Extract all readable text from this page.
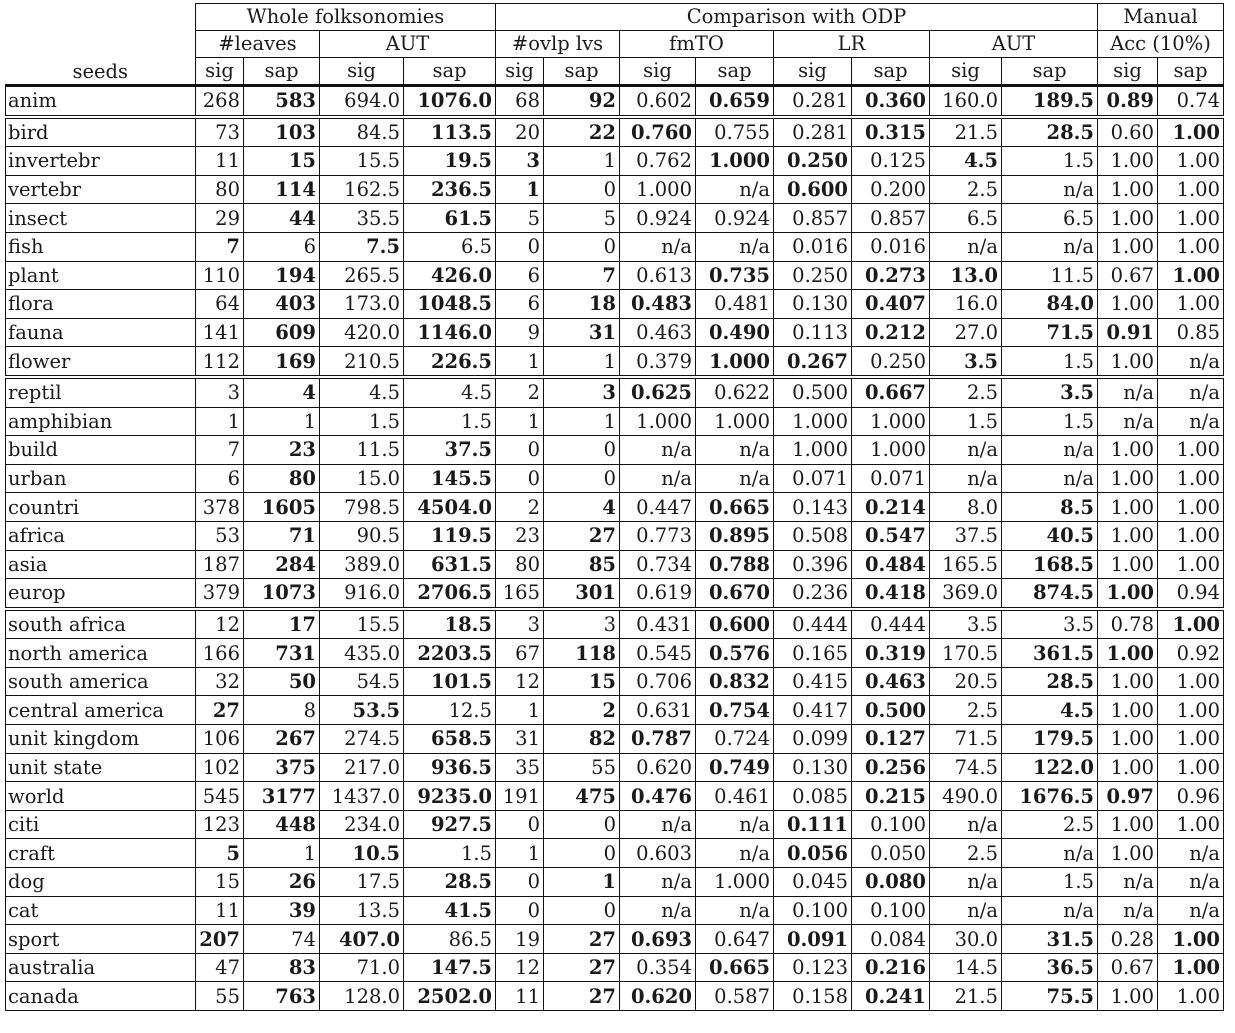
seeds	Whole folksonomies				Comparison with ODP								Manual	
	#leaves		AUT		#ovlp lvs		fmTO		LR		AUT		Acc (10%)	
	sig	sap	sig	sap	sig	sap	sig	sap	sig	sap	sig	sap	sig	sap
anim	268	583	694.0	1076.0	68	92	0.602	0.659	0.281	0.360	160.0	189.5	0.89	0.74
bird	73	103	84.5	113.5	20	22	0.760	0.755	0.281	0.315	21.5	28.5	0.60	1.00
invertebr	11	15	15.5	19.5	3	1	0.762	1.000	0.250	0.125	4.5	1.5	1.00	1.00
vertebr	80	114	162.5	236.5	1	0	1.000	n/a	0.600	0.200	2.5	n/a	1.00	1.00
insect	29	44	35.5	61.5	5	5	0.924	0.924	0.857	0.857	6.5	6.5	1.00	1.00
fish	7	6	7.5	6.5	0	0	n/a	n/a	0.016	0.016	n/a	n/a	1.00	1.00
plant	110	194	265.5	426.0	6	7	0.613	0.735	0.250	0.273	13.0	11.5	0.67	1.00
flora	64	403	173.0	1048.5	6	18	0.483	0.481	0.130	0.407	16.0	84.0	1.00	1.00
fauna	141	609	420.0	1146.0	9	31	0.463	0.490	0.113	0.212	27.0	71.5	0.91	0.85
flower	112	169	210.5	226.5	1	1	0.379	1.000	0.267	0.250	3.5	1.5	1.00	n/a
reptil	3	4	4.5	4.5	2	3	0.625	0.622	0.500	0.667	2.5	3.5	n/a	n/a
amphibian	1	1	1.5	1.5	1	1	1.000	1.000	1.000	1.000	1.5	1.5	n/a	n/a
build	7	23	11.5	37.5	0	0	n/a	n/a	1.000	1.000	n/a	n/a	1.00	1.00
urban	6	80	15.0	145.5	0	0	n/a	n/a	0.071	0.071	n/a	n/a	1.00	1.00
countri	378	1605	798.5	4504.0	2	4	0.447	0.665	0.143	0.214	8.0	8.5	1.00	1.00
africa	53	71	90.5	119.5	23	27	0.773	0.895	0.508	0.547	37.5	40.5	1.00	1.00
asia	187	284	389.0	631.5	80	85	0.734	0.788	0.396	0.484	165.5	168.5	1.00	1.00
europ	379	1073	916.0	2706.5	165	301	0.619	0.670	0.236	0.418	369.0	874.5	1.00	0.94
south africa	12	17	15.5	18.5	3	3	0.431	0.600	0.444	0.444	3.5	3.5	0.78	1.00
north america	166	731	435.0	2203.5	67	118	0.545	0.576	0.165	0.319	170.5	361.5	1.00	0.92
south america	32	50	54.5	101.5	12	15	0.706	0.832	0.415	0.463	20.5	28.5	1.00	1.00
central america	27	8	53.5	12.5	1	2	0.631	0.754	0.417	0.500	2.5	4.5	1.00	1.00
unit kingdom	106	267	274.5	658.5	31	82	0.787	0.724	0.099	0.127	71.5	179.5	1.00	1.00
unit state	102	375	217.0	936.5	35	55	0.620	0.749	0.130	0.256	74.5	122.0	1.00	1.00
world	545	3177	1437.0	9235.0	191	475	0.476	0.461	0.085	0.215	490.0	1676.5	0.97	0.96
citi	123	448	234.0	927.5	0	0	n/a	n/a	0.111	0.100	n/a	2.5	1.00	1.00
craft	5	1	10.5	1.5	1	0	0.603	n/a	0.056	0.050	2.5	n/a	1.00	n/a
dog	15	26	17.5	28.5	0	1	n/a	1.000	0.045	0.080	n/a	1.5	n/a	n/a
cat	11	39	13.5	41.5	0	0	n/a	n/a	0.100	0.100	n/a	n/a	n/a	n/a
sport	207	74	407.0	86.5	19	27	0.693	0.647	0.091	0.084	30.0	31.5	0.28	1.00
australia	47	83	71.0	147.5	12	27	0.354	0.665	0.123	0.216	14.5	36.5	0.67	1.00
canada	55	763	128.0	2502.0	11	27	0.620	0.587	0.158	0.241	21.5	75.5	1.00	1.00
